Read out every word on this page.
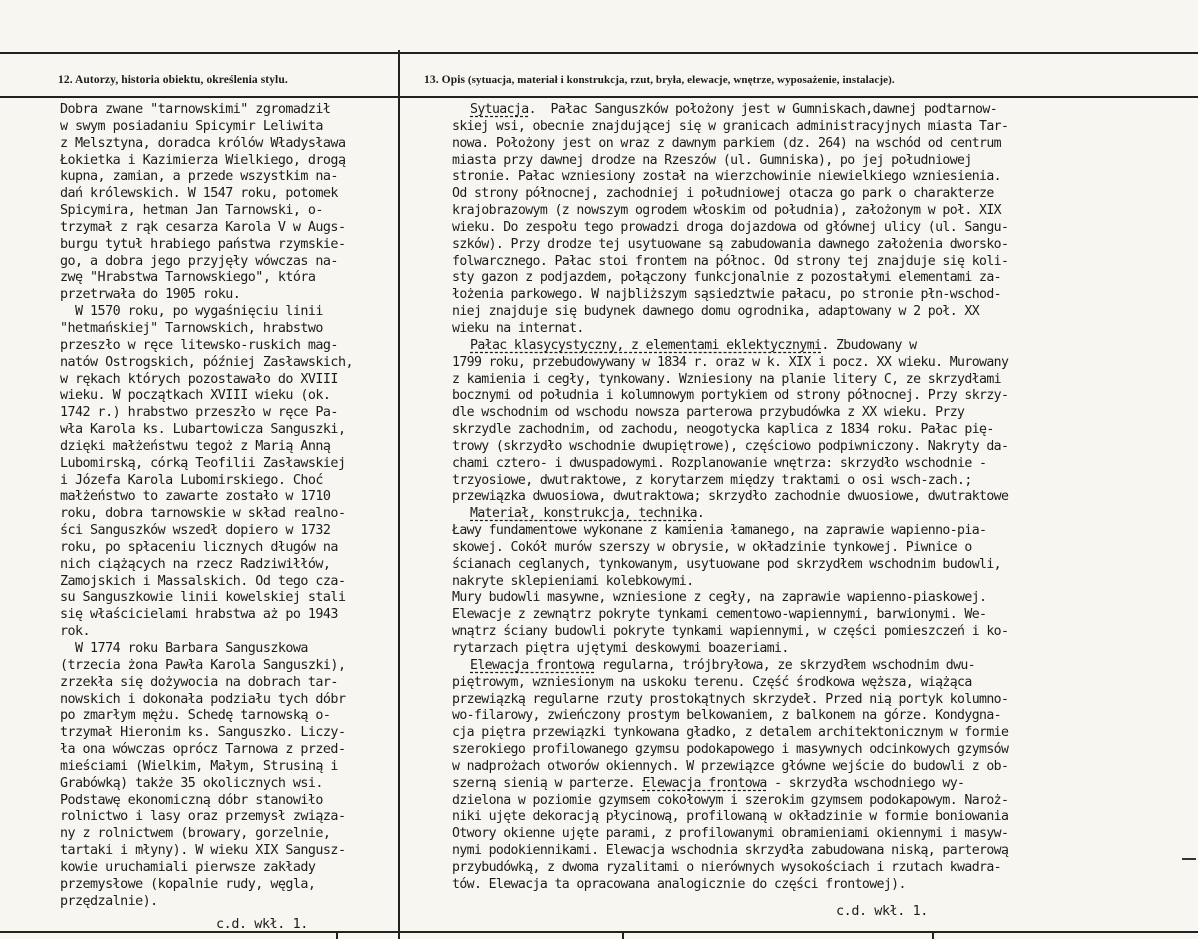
12. Autorzy, historia obiektu, określenia stylu.	13. Opis (sytuacja, materiał i konstrukcja, rzut, bryła, elewacje, wnętrze, wyposażenie, instalacje).
Dobra zwane "tarnowskimi" zgromadził
w swym posiadaniu Spicymir Leliwita
z Melsztyna, doradca królów Władysława
Łokietka i Kazimierza Wielkiego, drogą
kupna, zamian, a przede wszystkim na-
dań królewskich. W 1547 roku, potomek
Spicymira, hetman Jan Tarnowski, o-
trzymał z rąk cesarza Karola V w Augs-
burgu tytuł hrabiego państwa rzymskie-
go, a dobra jego przyjęły wówczas na-
zwę "Hrabstwa Tarnowskiego", która
przetrwała do 1905 roku.
W 1570 roku, po wygaśnięciu linii
"hetmańskiej" Tarnowskich, hrabstwo
przeszło w ręce litewsko-ruskich mag-
natów Ostrogskich, później Zasławskich,
w rękach których pozostawało do XVIII
wieku. W początkach XVIII wieku (ok.
1742 r.) hrabstwo przeszło w ręce Pa-
wła Karola ks. Lubartowicza Sanguszki,
dzięki małżeństwu tegoż z Marią Anną
Lubomirską, córką Teofilii Zasławskiej
i Józefa Karola Lubomirskiego. Choć
małżeństwo to zawarte zostało w 1710
roku, dobra tarnowskie w skład realno-
ści Sanguszków wszedł dopiero w 1732
roku, po spłaceniu licznych długów na
nich ciążących na rzecz Radziwiłłów,
Zamojskich i Massalskich. Od tego cza-
su Sanguszkowie linii kowelskiej stali
się właścicielami hrabstwa aż po 1943
rok.
W 1774 roku Barbara Sanguszkowa
(trzecia żona Pawła Karola Sanguszki),
zrzekła się dożywocia na dobrach tar-
nowskich i dokonała podziału tych dóbr
po zmarłym mężu. Schedę tarnowską o-
trzymał Hieronim ks. Sanguszko. Liczy-
ła ona wówczas oprócz Tarnowa z przed-
mieściami (Wielkim, Małym, Strusiną i
Grabówką) także 35 okolicznych wsi.
Podstawę ekonomiczną dóbr stanowiło
rolnictwo i lasy oraz przemysł związa-
ny z rolnictwem (browary, gorzelnie,
tartaki i młyny). W wieku XIX Sangusz-
kowie uruchamiali pierwsze zakłady
przemysłowe (kopalnie rudy, węgla,
przędzalnie).
Sytuacja.  Pałac Sanguszków położony jest w Gumniskach,dawnej podtarnow-
skiej wsi, obecnie znajdującej się w granicach administracyjnych miasta Tar-
nowa. Położony jest on wraz z dawnym parkiem (dz. 264) na wschód od centrum
miasta przy dawnej drodze na Rzeszów (ul. Gumniska), po jej południowej
stronie. Pałac wzniesiony został na wierzchowinie niewielkiego wzniesienia.
Od strony północnej, zachodniej i południowej otacza go park o charakterze
krajobrazowym (z nowszym ogrodem włoskim od południa), założonym w poł. XIX
wieku. Do zespołu tego prowadzi droga dojazdowa od głównej ulicy (ul. Sangu-
szków). Przy drodze tej usytuowane są zabudowania dawnego założenia dworsko-
folwarcznego. Pałac stoi frontem na północ. Od strony tej znajduje się koli-
sty gazon z podjazdem, połączony funkcjonalnie z pozostałymi elementami za-
łożenia parkowego. W najbliższym sąsiedztwie pałacu, po stronie płn-wschod-
niej znajduje się budynek dawnego domu ogrodnika, adaptowany w 2 poł. XX
wieku na internat.
Pałac klasycystyczny, z elementami eklektycznymi. Zbudowany w
1799 roku, przebudowywany w 1834 r. oraz w k. XIX i pocz. XX wieku. Murowany
z kamienia i cegły, tynkowany. Wzniesiony na planie litery C, ze skrzydłami
bocznymi od południa i kolumnowym portykiem od strony północnej. Przy skrzy-
dle wschodnim od wschodu nowsza parterowa przybudówka z XX wieku. Przy
skrzydle zachodnim, od zachodu, neogotycka kaplica z 1834 roku. Pałac pię-
trowy (skrzydło wschodnie dwupiętrowe), częściowo podpiwniczony. Nakryty da-
chami cztero- i dwuspadowymi. Rozplanowanie wnętrza: skrzydło wschodnie -
trzyosiowe, dwutraktowe, z korytarzem między traktami o osi wsch-zach.;
przewiązka dwuosiowa, dwutraktowa; skrzydło zachodnie dwuosiowe, dwutraktowe
Materiał, konstrukcja, technika.
Ławy fundamentowe wykonane z kamienia łamanego, na zaprawie wapienno-pia-
skowej. Cokół murów szerszy w obrysie, w okładzinie tynkowej. Piwnice o
ścianach ceglanych, tynkowanym, usytuowane pod skrzydłem wschodnim budowli,
nakryte sklepieniami kolebkowymi.
Mury budowli masywne, wzniesione z cegły, na zaprawie wapienno-piaskowej.
Elewacje z zewnątrz pokryte tynkami cementowo-wapiennymi, barwionymi. We-
wnątrz ściany budowli pokryte tynkami wapiennymi, w części pomieszczeń i ko-
rytarzach piętra ujętymi deskowymi boazeriami.
Elewacja frontowa regularna, trójbryłowa, ze skrzydłem wschodnim dwu-
piętrowym, wzniesionym na uskoku terenu. Część środkowa węższa, wiążąca
przewiązką regularne rzuty prostokątnych skrzydeł. Przed nią portyk kolumno-
wo-filarowy, zwieńczony prostym belkowaniem, z balkonem na górze. Kondygna-
cja piętra przewiązki tynkowana gładko, z detalem architektonicznym w formie
szerokiego profilowanego gzymsu podokapowego i masywnych odcinkowych gzymsów
w nadprożach otworów okiennych. W przewiązce główne wejście do budowli z ob-
szerną sienią w parterze. Elewacja frontowa - skrzydła wschodniego wy-
dzielona w poziomie gzymsem cokołowym i szerokim gzymsem podokapowym. Naroż-
niki ujęte dekoracją płycinową, profilowaną w okładzinie w formie boniowania
Otwory okienne ujęte parami, z profilowanymi obramieniami okiennymi i masyw-
nymi podokiennikami. Elewacja wschodnia skrzydła zabudowana niską, parterową
przybudówką, z dwoma ryzalitami o nierównych wysokościach i rzutach kwadra-
tów. Elewacja ta opracowana analogicznie do części frontowej).
c.d. wkł. 1.
c.d. wkł. 1.
